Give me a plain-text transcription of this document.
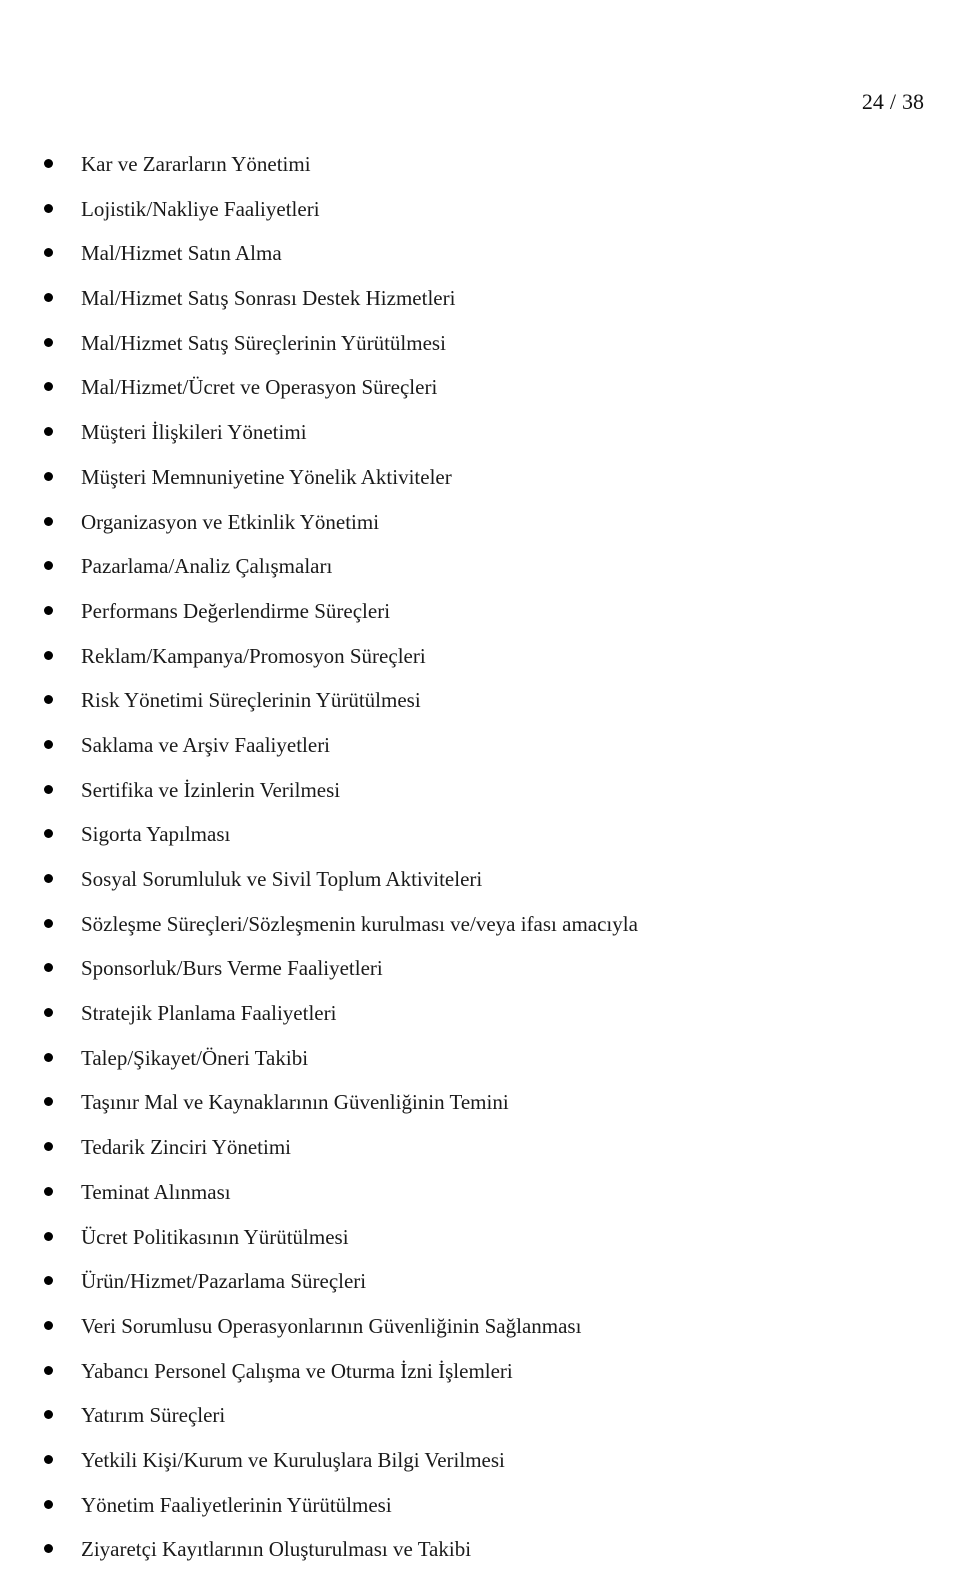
24 / 38
Kar ve Zararların Yönetimi
Lojistik/Nakliye Faaliyetleri
Mal/Hizmet Satın Alma
Mal/Hizmet Satış Sonrası Destek Hizmetleri
Mal/Hizmet Satış Süreçlerinin Yürütülmesi
Mal/Hizmet/Ücret ve Operasyon Süreçleri
Müşteri İlişkileri Yönetimi
Müşteri Memnuniyetine Yönelik Aktiviteler
Organizasyon ve Etkinlik Yönetimi
Pazarlama/Analiz Çalışmaları
Performans Değerlendirme Süreçleri
Reklam/Kampanya/Promosyon Süreçleri
Risk Yönetimi Süreçlerinin Yürütülmesi
Saklama ve Arşiv Faaliyetleri
Sertifika ve İzinlerin Verilmesi
Sigorta Yapılması
Sosyal Sorumluluk ve Sivil Toplum Aktiviteleri
Sözleşme Süreçleri/Sözleşmenin kurulması ve/veya ifası amacıyla
Sponsorluk/Burs Verme Faaliyetleri
Stratejik Planlama Faaliyetleri
Talep/Şikayet/Öneri Takibi
Taşınır Mal ve Kaynaklarının Güvenliğinin Temini
Tedarik Zinciri Yönetimi
Teminat Alınması
Ücret Politikasının Yürütülmesi
Ürün/Hizmet/Pazarlama Süreçleri
Veri Sorumlusu Operasyonlarının Güvenliğinin Sağlanması
Yabancı Personel Çalışma ve Oturma İzni İşlemleri
Yatırım Süreçleri
Yetkili Kişi/Kurum ve Kuruluşlara Bilgi Verilmesi
Yönetim Faaliyetlerinin Yürütülmesi
Ziyaretçi Kayıtlarının Oluşturulması ve Takibi
